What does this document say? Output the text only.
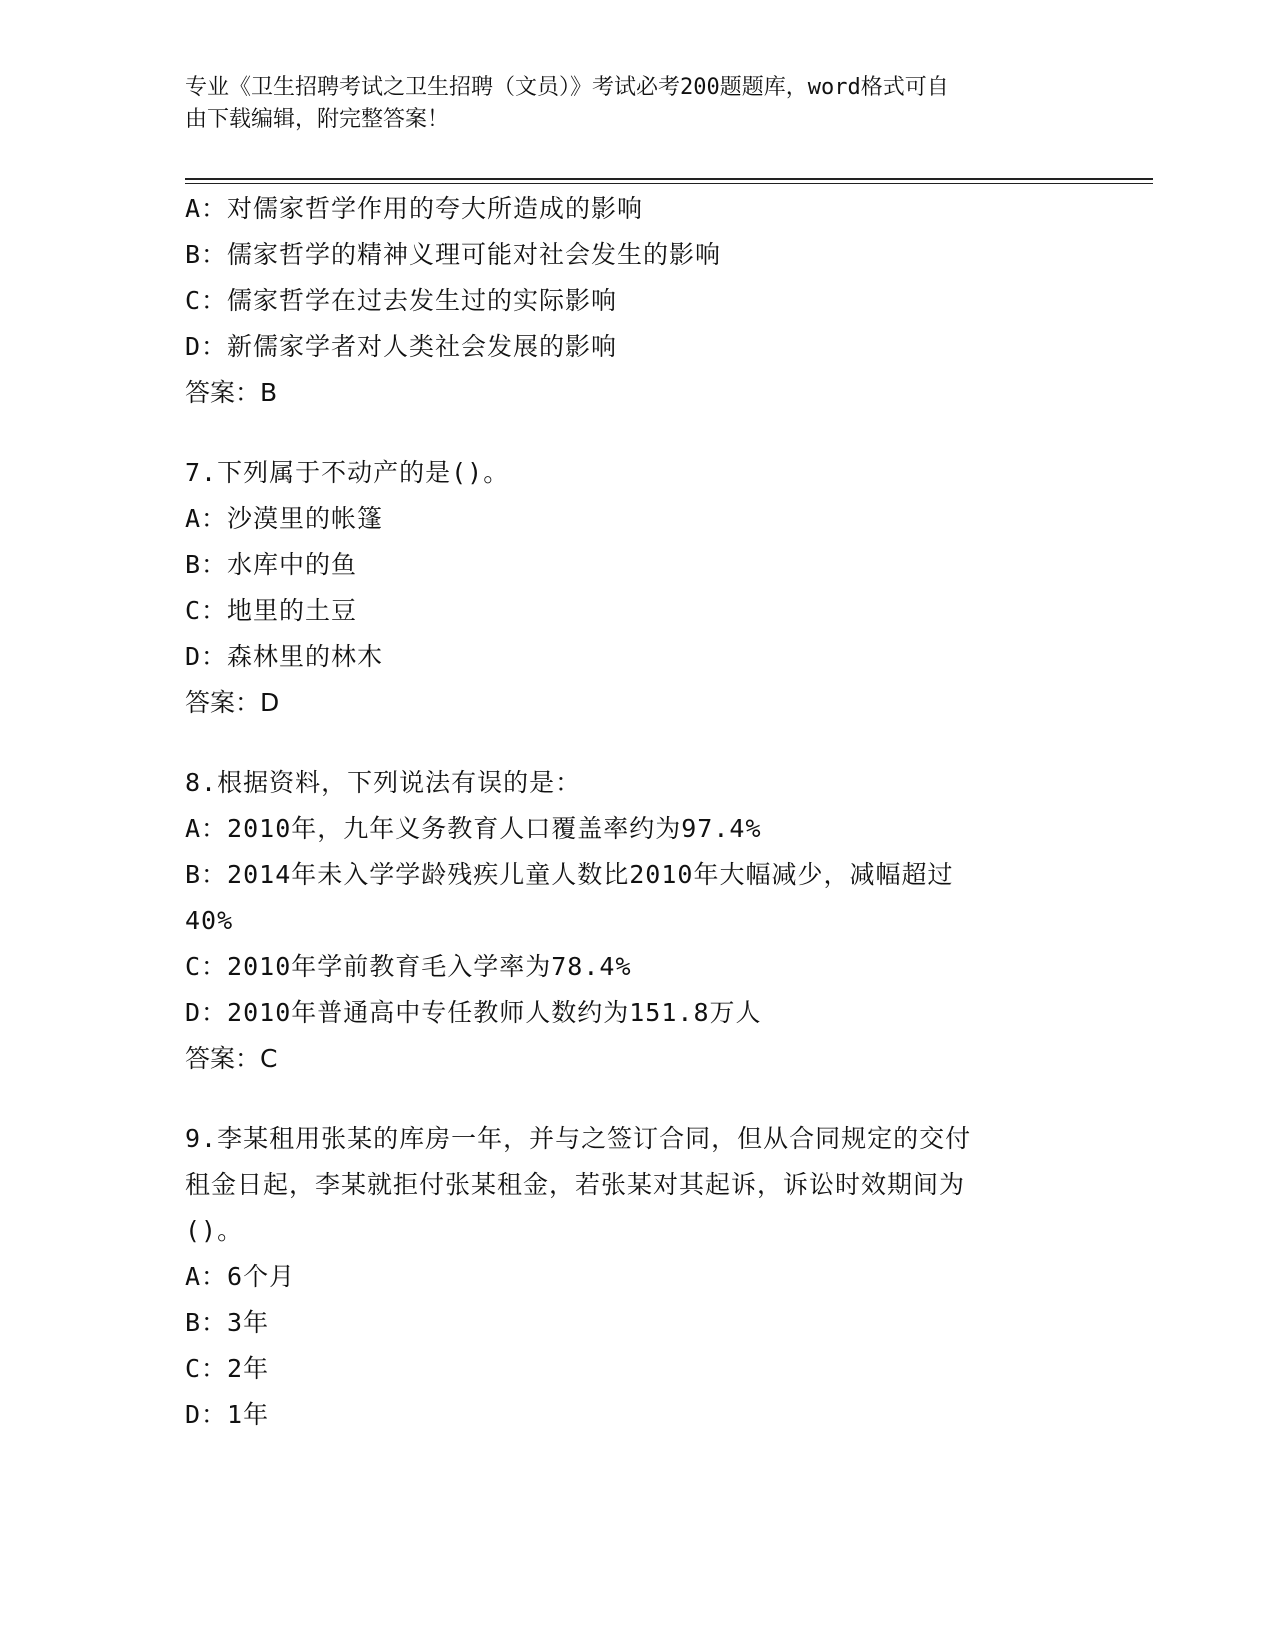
专业《卫生招聘考试之卫生招聘（文员）》考试必考200题题库，word格式可自
由下载编辑，附完整答案！
A：对儒家哲学作用的夸大所造成的影响
B：儒家哲学的精神义理可能对社会发生的影响
C：儒家哲学在过去发生过的实际影响
D：新儒家学者对人类社会发展的影响
答案：B
7.下列属于不动产的是()。
A：沙漠里的帐篷
B：水库中的鱼
C：地里的土豆
D：森林里的林木
答案：D
8.根据资料，下列说法有误的是：
A：2010年，九年义务教育人口覆盖率约为97.4%
B：2014年未入学学龄残疾儿童人数比2010年大幅减少，减幅超过
40%
C：2010年学前教育毛入学率为78.4%
D：2010年普通高中专任教师人数约为151.8万人
答案：C
9.李某租用张某的库房一年，并与之签订合同，但从合同规定的交付
租金日起，李某就拒付张某租金，若张某对其起诉，诉讼时效期间为
()。
A：6个月
B：3年
C：2年
D：1年
